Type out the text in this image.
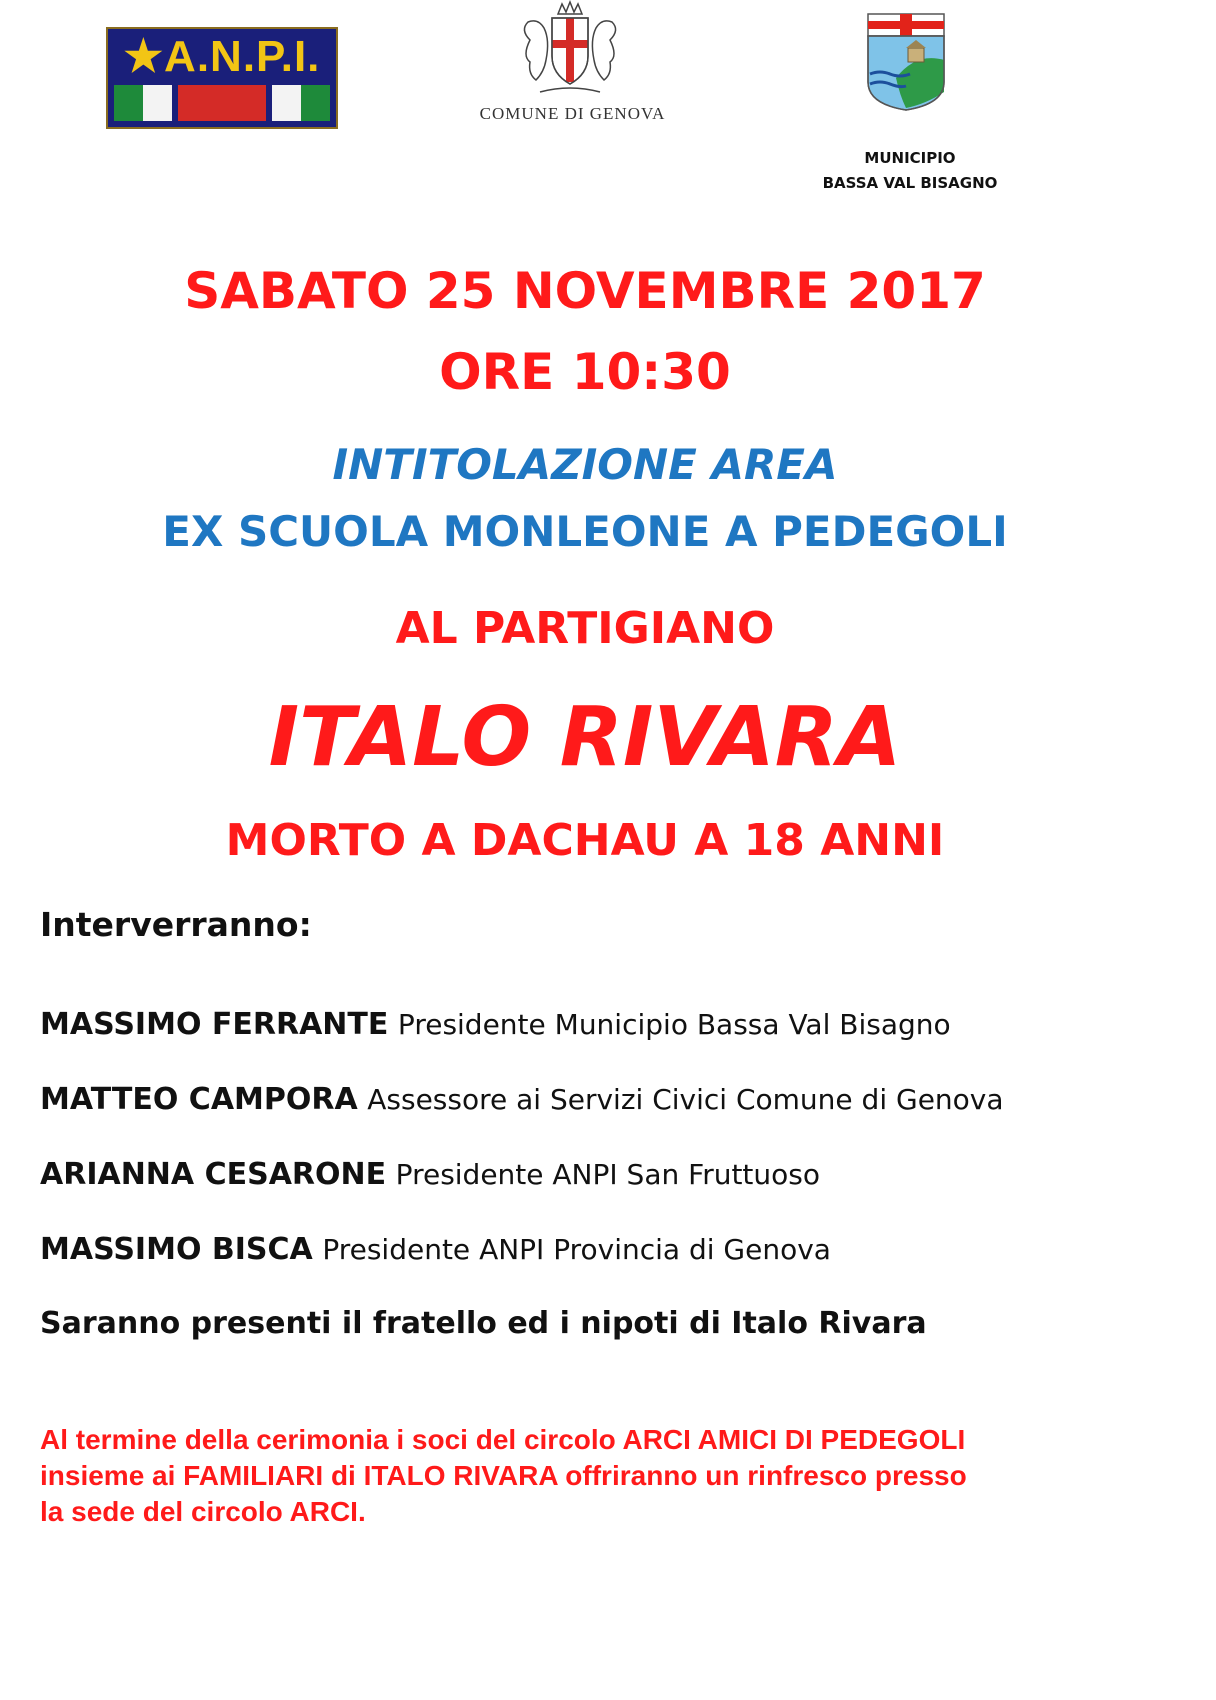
★A.N.P.I.
COMUNE DI GENOVA
MUNICIPIO
BASSA VAL BISAGNO
SABATO 25 NOVEMBRE 2017
ORE 10:30
INTITOLAZIONE AREA
EX SCUOLA MONLEONE A PEDEGOLI
AL PARTIGIANO
ITALO RIVARA
MORTO A DACHAU A 18 ANNI
Interverranno:
MASSIMO FERRANTE Presidente Municipio Bassa Val Bisagno
MATTEO CAMPORA Assessore ai Servizi Civici Comune di Genova
ARIANNA CESARONE Presidente ANPI San Fruttuoso
MASSIMO BISCA Presidente ANPI Provincia di Genova
Saranno presenti il fratello ed i nipoti di Italo Rivara
Al termine della cerimonia i soci del circolo ARCI AMICI DI PEDEGOLI
insieme ai FAMILIARI di ITALO RIVARA offriranno un rinfresco presso
la sede del circolo ARCI.
